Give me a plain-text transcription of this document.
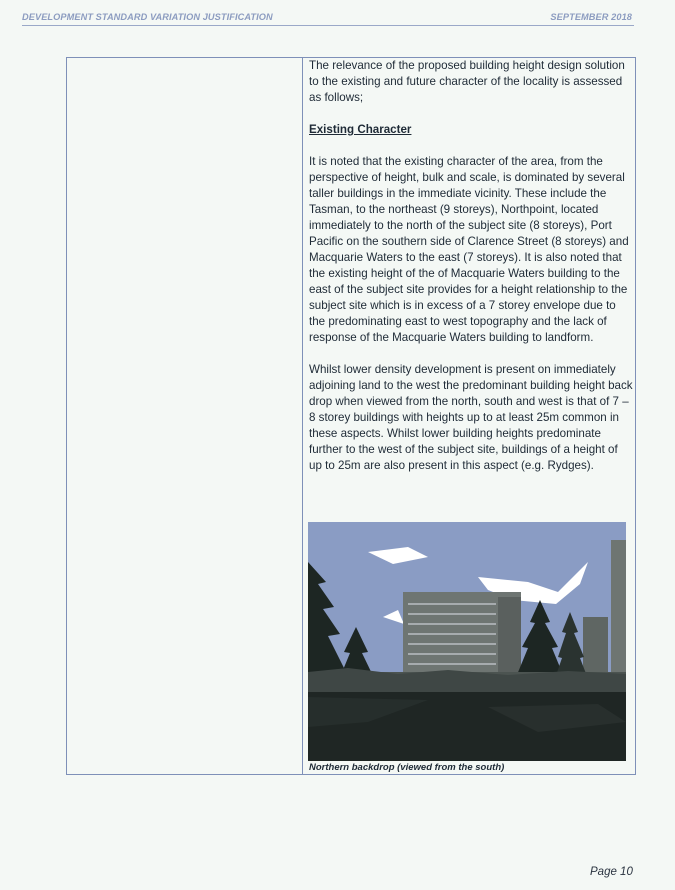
DEVELOPMENT STANDARD VARIATION JUSTIFICATION	SEPTEMBER 2018

The relevance of the proposed building height design solution to the existing and future character of the locality is assessed as follows;

Existing Character

It is noted that the existing character of the area, from the perspective of height, bulk and scale, is dominated by several taller buildings in the immediate vicinity. These include the Tasman, to the northeast (9 storeys), Northpoint, located immediately to the north of the subject site (8 storeys), Port Pacific on the southern side of Clarence Street (8 storeys) and Macquarie Waters to the east (7 storeys). It is also noted that the existing height of the of Macquarie Waters building to the east of the subject site provides for a height relationship to the subject site which is in excess of a 7 storey envelope due to the predominating east to west topography and the lack of response of the Macquarie Waters building to landform.

Whilst lower density development is present on immediately adjoining land to the west the predominant building height back drop when viewed from the north, south and west is that of 7 – 8 storey buildings with heights up to at least 25m common in these aspects. Whilst lower building heights predominate further to the west of the subject site, buildings of a height of up to 25m are also present in this aspect (e.g. Rydges).

Northern backdrop (viewed from the south)
Page 10
